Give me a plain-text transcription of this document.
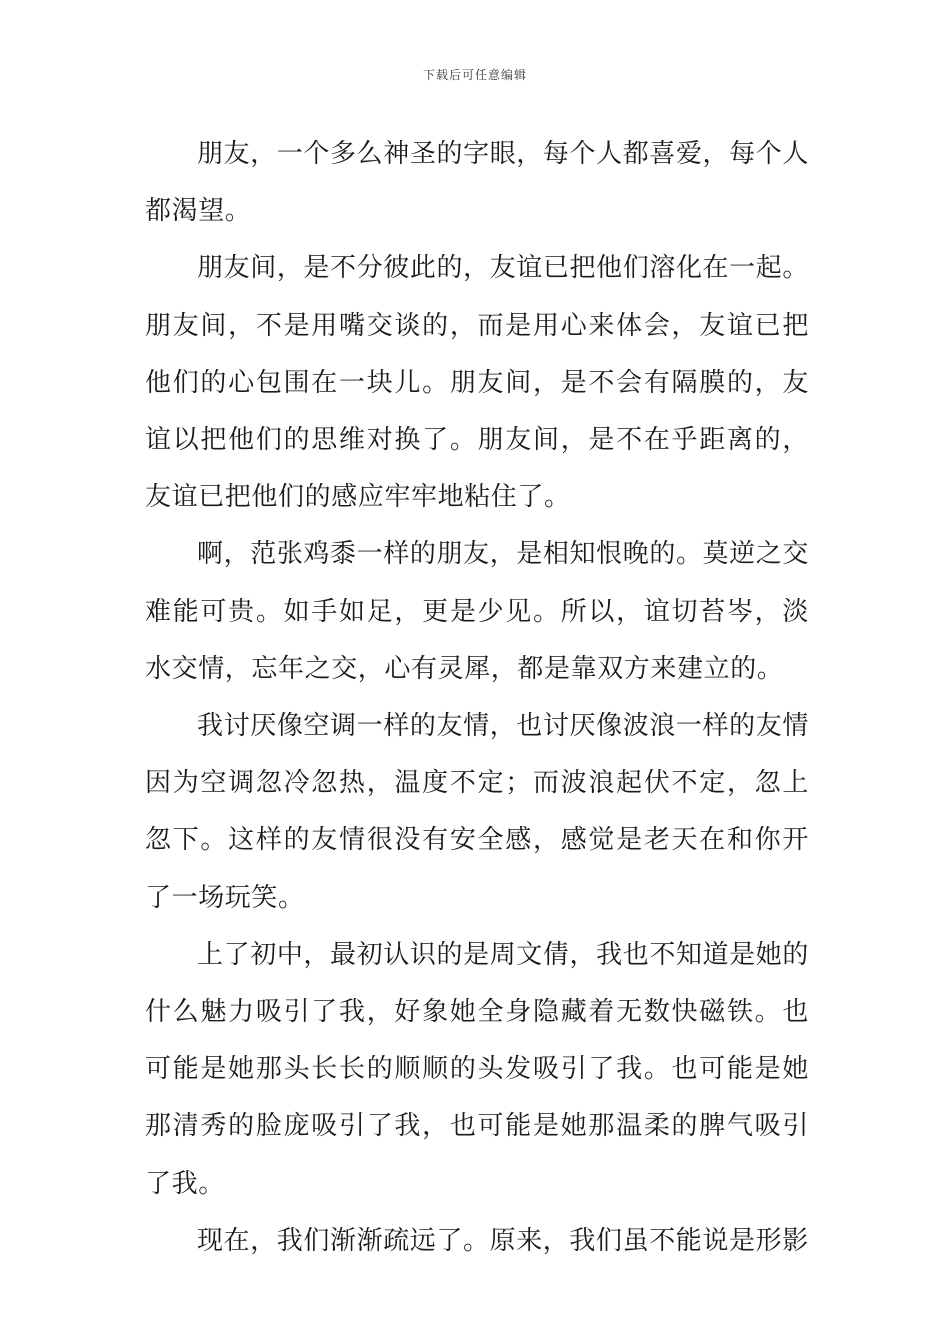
下载后可任意编辑

朋友，一个多么神圣的字眼，每个人都喜爱，每个人都渴望。

朋友间，是不分彼此的，友谊已把他们溶化在一起。朋友间，不是用嘴交谈的，而是用心来体会，友谊已把他们的心包围在一块儿。朋友间，是不会有隔膜的，友谊以把他们的思维对换了。朋友间，是不在乎距离的，友谊已把他们的感应牢牢地粘住了。

啊，范张鸡黍一样的朋友，是相知恨晚的。莫逆之交难能可贵。如手如足，更是少见。所以，谊切苔岑，淡水交情，忘年之交，心有灵犀，都是靠双方来建立的。

我讨厌像空调一样的友情，也讨厌像波浪一样的友情因为空调忽冷忽热，温度不定；而波浪起伏不定，忽上忽下。这样的友情很没有安全感，感觉是老天在和你开了一场玩笑。

上了初中，最初认识的是周文倩，我也不知道是她的什么魅力吸引了我，好象她全身隐藏着无数快磁铁。也可能是她那头长长的顺顺的头发吸引了我。也可能是她那清秀的脸庞吸引了我，也可能是她那温柔的脾气吸引了我。

现在，我们渐渐疏远了。原来，我们虽不能说是形影
